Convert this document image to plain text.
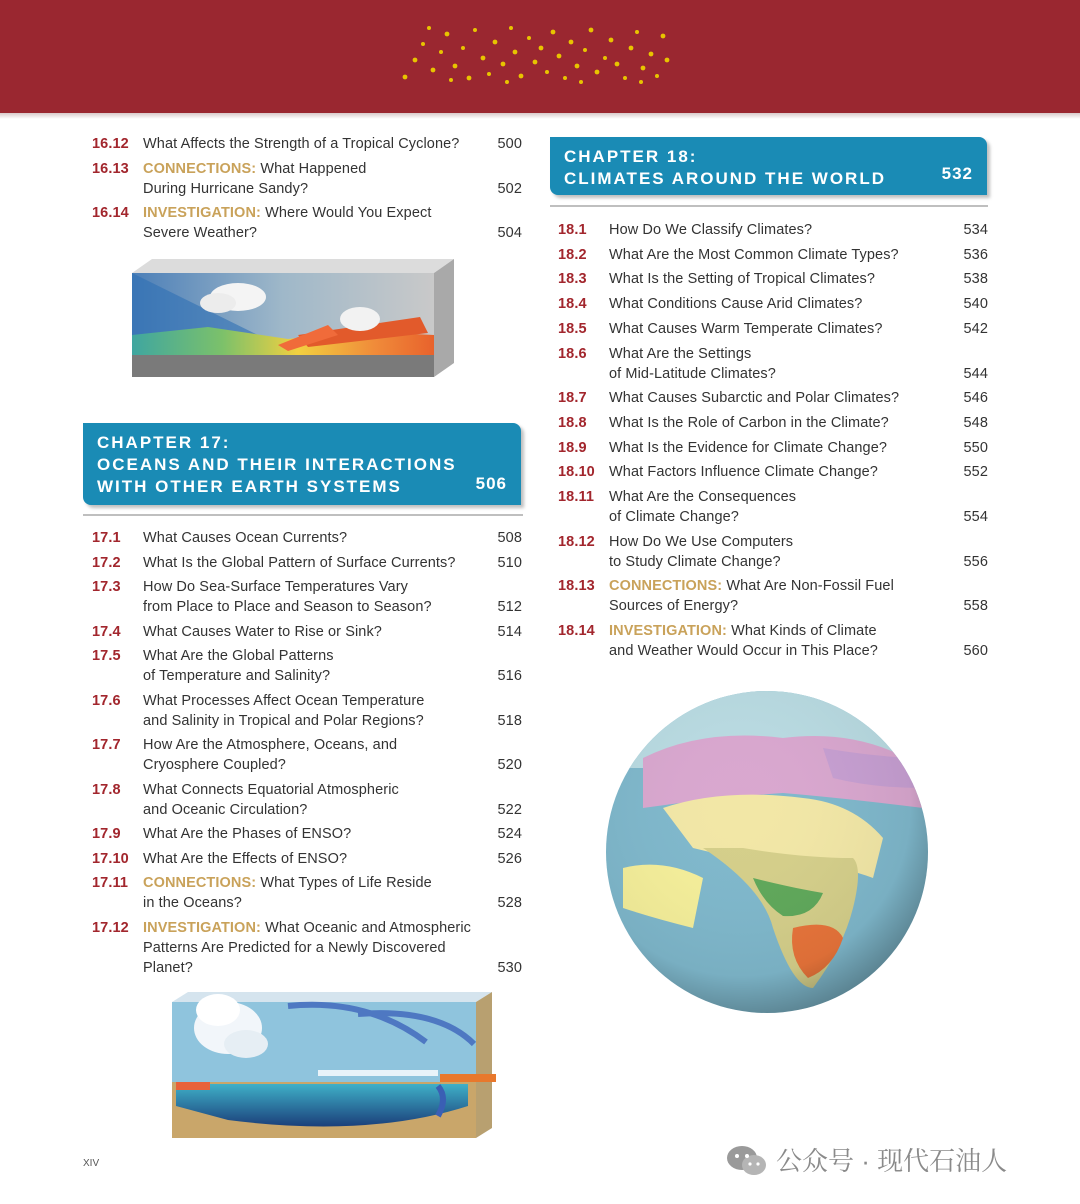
16.12 What Affects the Strength of a Tropical Cyclone?	500
16.13 CONNECTIONS: What Happened
During Hurricane Sandy?	502
16.14 INVESTIGATION: Where Would You Expect
Severe Weather?	504
CHAPTER 17:
OCEANS AND THEIR INTERACTIONS
WITH OTHER EARTH SYSTEMS	506
17.1 What Causes Ocean Currents?	508
17.2 What Is the Global Pattern of Surface Currents?	510
17.3 How Do Sea-Surface Temperatures Vary
from Place to Place and Season to Season?	512
17.4 What Causes Water to Rise or Sink?	514
17.5 What Are the Global Patterns
of Temperature and Salinity?	516
17.6 What Processes Affect Ocean Temperature
and Salinity in Tropical and Polar Regions?	518
17.7 How Are the Atmosphere, Oceans, and
Cryosphere Coupled?	520
17.8 What Connects Equatorial Atmospheric
and Oceanic Circulation?	522
17.9 What Are the Phases of ENSO?	524
17.10 What Are the Effects of ENSO?	526
17.11 CONNECTIONS: What Types of Life Reside
in the Oceans?	528
17.12 INVESTIGATION: What Oceanic and Atmospheric
Patterns Are Predicted for a Newly Discovered
Planet?	530
CHAPTER 18:
CLIMATES AROUND THE WORLD	532
18.1 How Do We Classify Climates?	534
18.2 What Are the Most Common Climate Types?	536
18.3 What Is the Setting of Tropical Climates?	538
18.4 What Conditions Cause Arid Climates?	540
18.5 What Causes Warm Temperate Climates?	542
18.6 What Are the Settings
of Mid-Latitude Climates?	544
18.7 What Causes Subarctic and Polar Climates?	546
18.8 What Is the Role of Carbon in the Climate?	548
18.9 What Is the Evidence for Climate Change?	550
18.10 What Factors Influence Climate Change?	552
18.11 What Are the Consequences
of Climate Change?	554
18.12 How Do We Use Computers
to Study Climate Change?	556
18.13 CONNECTIONS: What Are Non-Fossil Fuel
Sources of Energy?	558
18.14 INVESTIGATION: What Kinds of Climate
and Weather Would Occur in This Place?	560
XIV	公众号 · 现代石油人
